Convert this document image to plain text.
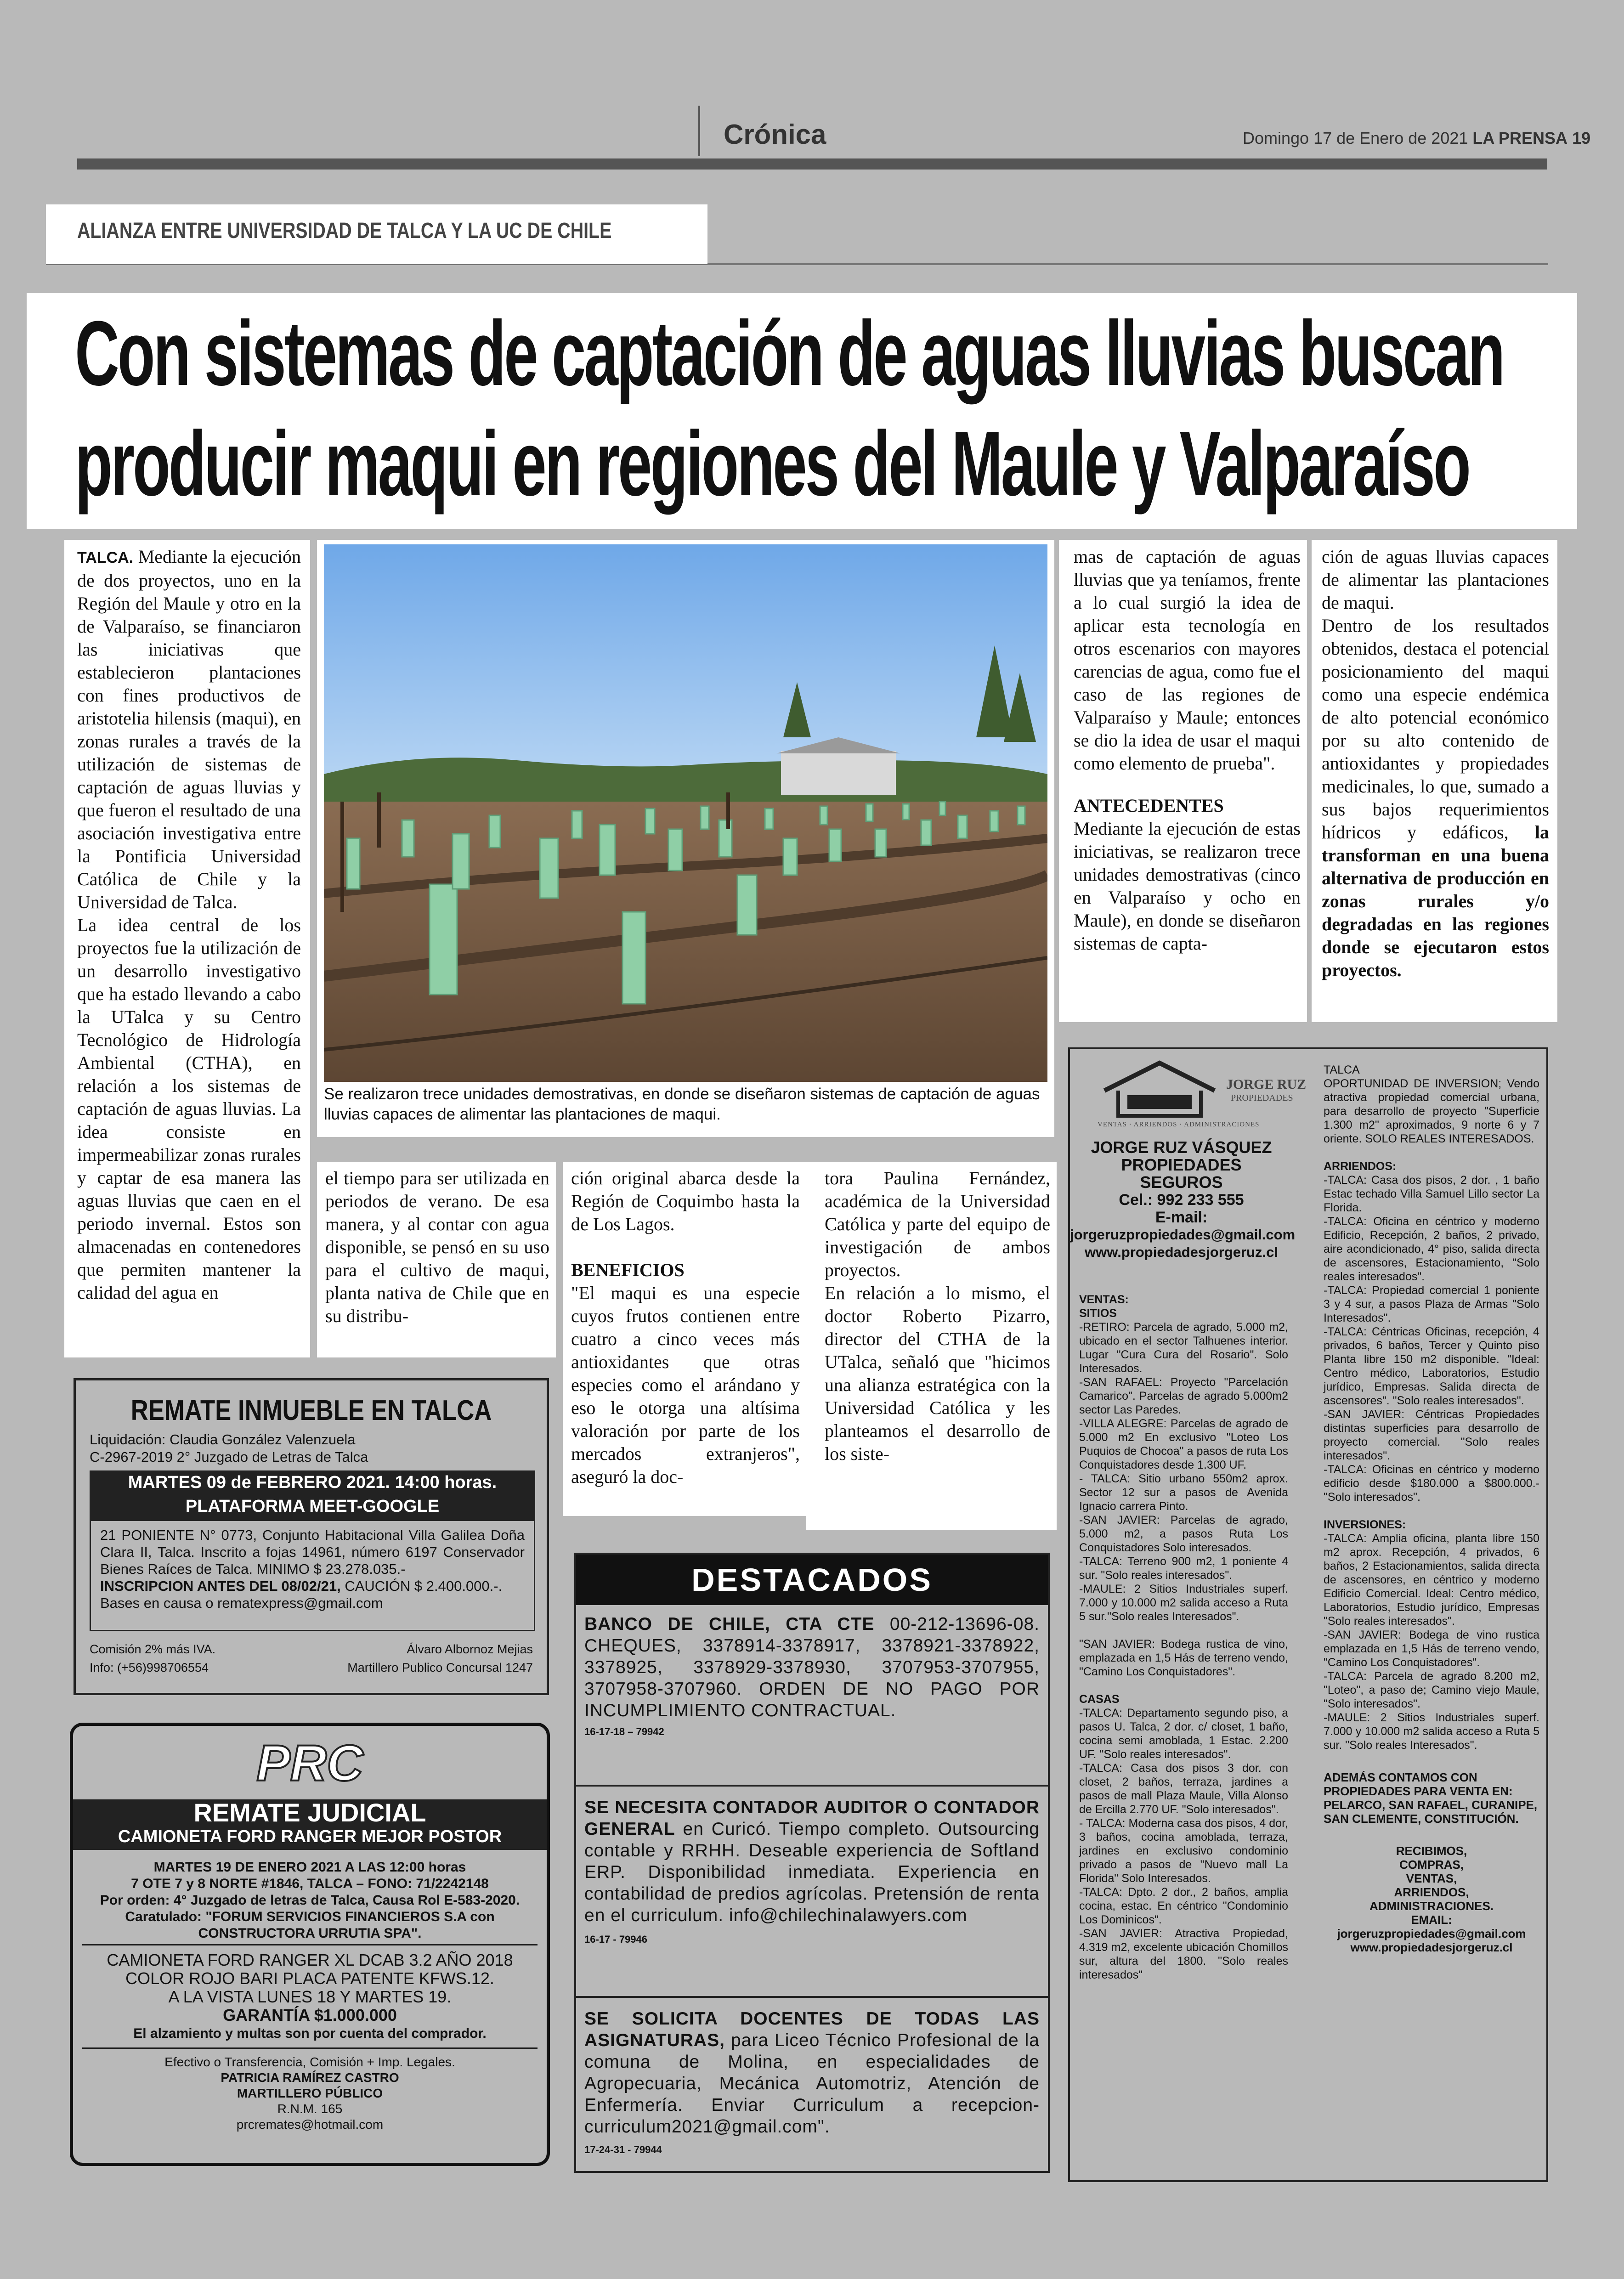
Crónica	Domingo 17 de Enero de 2021 LA PRENSA 19
ALIANZA ENTRE UNIVERSIDAD DE TALCA Y LA UC DE CHILE
Con sistemas de captación de aguas lluvias buscan
producir maqui en regiones del Maule y Valparaíso

TALCA. Mediante la ejecución de dos proyectos, uno en la Región del Maule y otro en la de Valparaíso, se financiaron las iniciativas que establecieron plantaciones con fines productivos de aristotelia hilensis (maqui), en zonas rurales a través de la utilización de sistemas de captación de aguas lluvias y que fueron el resultado de una asociación investigativa entre la Pontificia Universidad Católica de Chile y la Universidad de Talca.

La idea central de los proyectos fue la utilización de un desarrollo investigativo que ha estado llevando a cabo la UTalca y su Centro Tecnológico de Hidrología Ambiental (CTHA), en relación a los sistemas de captación de aguas lluvias. La idea consiste en impermeabilizar zonas rurales y captar de esa manera las aguas lluvias que caen en el periodo invernal. Estos son almacenadas en contenedores que permiten mantener la calidad del agua en

Se realizaron trece unidades demostrativas, en donde se diseñaron sistemas de captación de aguas lluvias capaces de alimentar las plantaciones de maqui.

el tiempo para ser utilizada en periodos de verano. De esa manera, y al contar con agua disponible, se pensó en su uso para el cultivo de maqui, planta nativa de Chile que en su distribu-

ción original abarca desde la Región de Coquimbo hasta la de Los Lagos.

BENEFICIOS

"El maqui es una especie cuyos frutos contienen entre cuatro a cinco veces más antioxidantes que otras especies como el arándano y eso le otorga una altísima valoración por parte de los mercados extranjeros", aseguró la doc-

tora Paulina Fernández, académica de la Universidad Católica y parte del equipo de investigación de ambos proyectos.

En relación a lo mismo, el doctor Roberto Pizarro, director del CTHA de la UTalca, señaló que "hicimos una alianza estratégica con la Universidad Católica y les planteamos el desarrollo de los siste-

mas de captación de aguas lluvias que ya teníamos, frente a lo cual surgió la idea de aplicar esta tecnología en otros escenarios con mayores carencias de agua, como fue el caso de las regiones de Valparaíso y Maule; entonces se dio la idea de usar el maqui como elemento de prueba".

ANTECEDENTES

Mediante la ejecución de estas iniciativas, se realizaron trece unidades demostrativas (cinco en Valparaíso y ocho en Maule), en donde se diseñaron sistemas de capta-

ción de aguas lluvias capaces de alimentar las plantaciones de maqui.

Dentro de los resultados obtenidos, destaca el potencial posicionamiento del maqui como una especie endémica de alto potencial económico por su alto contenido de antioxidantes y propiedades medicinales, lo que, sumado a sus bajos requerimientos hídricos y edáficos, la transforman en una buena alternativa de producción en zonas rurales y/o degradadas en las regiones donde se ejecutaron estos proyectos.

REMATE INMUEBLE EN TALCA
Liquidación: Claudia González Valenzuela
C-2967-2019 2° Juzgado de Letras de Talca
MARTES 09 de FEBRERO 2021. 14:00 horas.
PLATAFORMA MEET-GOOGLE
21 PONIENTE N° 0773, Conjunto Habitacional Villa Galilea Doña Clara II, Talca. Inscrito a fojas 14961, número 6197 Conservador Bienes Raíces de Talca. MINIMO $ 23.278.035.-
INSCRIPCION ANTES DEL 08/02/21, CAUCIÓN $ 2.400.000.-.
Bases en causa o rematexpress@gmail.com
Comisión 2% más IVA.
Info: (+56)998706554
Álvaro Albornoz Mejias
Martillero Publico Concursal 1247
PRC
REMATE JUDICIAL
CAMIONETA FORD RANGER MEJOR POSTOR
MARTES 19 DE ENERO 2021 A LAS 12:00 horas
7 OTE 7 y 8 NORTE #1846, TALCA – FONO: 71/2242148
Por orden: 4° Juzgado de letras de Talca, Causa Rol E-583-2020.
Caratulado: "FORUM SERVICIOS FINANCIEROS S.A con
CONSTRUCTORA URRUTIA SPA".
CAMIONETA FORD RANGER XL DCAB 3.2 AÑO 2018
COLOR ROJO BARI PLACA PATENTE KFWS.12.
A LA VISTA LUNES 18 Y MARTES 19.
GARANTÍA $1.000.000
El alzamiento y multas son por cuenta del comprador.
Efectivo o Transferencia, Comisión + Imp. Legales.
PATRICIA RAMÍREZ CASTRO
MARTILLERO PÚBLICO
R.N.M. 165
prcremates@hotmail.com
DESTACADOS
BANCO DE CHILE, CTA CTE 00-212-13696-08. CHEQUES, 3378914-3378917, 3378921-3378922, 3378925, 3378929-3378930, 3707953-3707955, 3707958-3707960. ORDEN DE NO PAGO POR INCUMPLIMIENTO CONTRACTUAL.
16-17-18 – 79942
SE NECESITA CONTADOR AUDITOR O CONTADOR GENERAL en Curicó. Tiempo completo. Outsourcing contable y RRHH. Deseable experiencia de Softland ERP. Disponibilidad inmediata. Experiencia en contabilidad de predios agrícolas. Pretensión de renta en el curriculum. info@chilechinalawyers.com
16-17 - 79946
SE SOLICITA DOCENTES DE TODAS LAS ASIGNATURAS, para Liceo Técnico Profesional de la comuna de Molina, en especialidades de Agropecuaria, Mecánica Automotriz, Atención de Enfermería. Enviar Curriculum a recepcion-curriculum2021@gmail.com".
17-24-31 - 79944
JORGE RUZ
PROPIEDADES
VENTAS · ARRIENDOS · ADMINISTRACIONES
JORGE RUZ VÁSQUEZ
PROPIEDADES
SEGUROS
Cel.: 992 233 555
E-mail:
jorgeruzpropiedades@gmail.com
www.propiedadesjorgeruz.cl
VENTAS:
SITIOS
-RETIRO: Parcela de agrado, 5.000 m2, ubicado en el sector Talhuenes interior. Lugar "Cura Cura del Rosario". Solo Interesados.
-SAN RAFAEL: Proyecto "Parcelación Camarico". Parcelas de agrado 5.000m2 sector Las Paredes.
-VILLA ALEGRE: Parcelas de agrado de 5.000 m2 En exclusivo "Loteo Los Puquios de Chocoa" a pasos de ruta Los Conquistadores desde 1.300 UF.
- TALCA: Sitio urbano 550m2 aprox. Sector 12 sur a pasos de Avenida Ignacio carrera Pinto.
-SAN JAVIER: Parcelas de agrado, 5.000 m2, a pasos Ruta Los Conquistadores Solo interesados.
-TALCA: Terreno 900 m2, 1 poniente 4 sur. "Solo reales interesados".
-MAULE: 2 Sitios Industriales superf. 7.000 y 10.000 m2 salida acceso a Ruta 5 sur."Solo reales Interesados".

"SAN JAVIER: Bodega rustica de vino, emplazada en 1,5 Hás de terreno vendo, "Camino Los Conquistadores".
CASAS
-TALCA: Departamento segundo piso, a pasos U. Talca, 2 dor. c/ closet, 1 baño, cocina semi amoblada, 1 Estac. 2.200 UF. "Solo reales interesados".
-TALCA: Casa dos pisos 3 dor. con closet, 2 baños, terraza, jardines a pasos de mall Plaza Maule, Villa Alonso de Ercilla 2.770 UF. "Solo interesados".
- TALCA: Moderna casa dos pisos, 4 dor, 3 baños, cocina amoblada, terraza, jardines en exclusivo condominio privado a pasos de "Nuevo mall La Florida" Solo Interesados.
-TALCA: Dpto. 2 dor., 2 baños, amplia cocina, estac. En céntrico "Condominio Los Dominicos".
-SAN JAVIER: Atractiva Propiedad, 4.319 m2, excelente ubicación Chomillos sur, altura del 1800. "Solo reales interesados"
TALCA
OPORTUNIDAD DE INVERSION; Vendo atractiva propiedad comercial urbana, para desarrollo de proyecto "Superficie 1.300 m2" aproximados, 9 norte 6 y 7 oriente. SOLO REALES INTERESADOS.
ARRIENDOS:
-TALCA: Casa dos pisos, 2 dor. , 1 baño Estac techado Villa Samuel Lillo sector La Florida.
-TALCA: Oficina en céntrico y moderno Edificio, Recepción, 2 baños, 2 privado, aire acondicionado, 4° piso, salida directa de ascensores, Estacionamiento, "Solo reales interesados".
-TALCA: Propiedad comercial 1 poniente 3 y 4 sur, a pasos Plaza de Armas "Solo Interesados".
-TALCA: Céntricas Oficinas, recepción, 4 privados, 6 baños, Tercer y Quinto piso Planta libre 150 m2 disponible. "Ideal: Centro médico, Laboratorios, Estudio jurídico, Empresas. Salida directa de ascensores". "Solo reales interesados".
-SAN JAVIER: Céntricas Propiedades distintas superficies para desarrollo de proyecto comercial. "Solo reales interesados".
-TALCA: Oficinas en céntrico y moderno edificio desde $180.000 a $800.000.- "Solo interesados".
INVERSIONES:
-TALCA: Amplia oficina, planta libre 150 m2 aprox. Recepción, 4 privados, 6 baños, 2 Estacionamientos, salida directa de ascensores, en céntrico y moderno Edificio Comercial. Ideal: Centro médico, Laboratorios, Estudio jurídico, Empresas "Solo reales interesados".
-SAN JAVIER: Bodega de vino rustica emplazada en 1,5 Hás de terreno vendo, "Camino Los Conquistadores".
-TALCA: Parcela de agrado 8.200 m2, "Loteo", a paso de; Camino viejo Maule, "Solo interesados".
-MAULE: 2 Sitios Industriales superf. 7.000 y 10.000 m2 salida acceso a Ruta 5 sur. "Solo reales Interesados".
ADEMÁS CONTAMOS CON PROPIEDADES PARA VENTA EN: PELARCO, SAN RAFAEL, CURANIPE, SAN CLEMENTE, CONSTITUCIÓN.
RECIBIMOS,
COMPRAS,
VENTAS,
ARRIENDOS,
ADMINISTRACIONES.
EMAIL:
jorgeruzpropiedades@gmail.com
www.propiedadesjorgeruz.cl
